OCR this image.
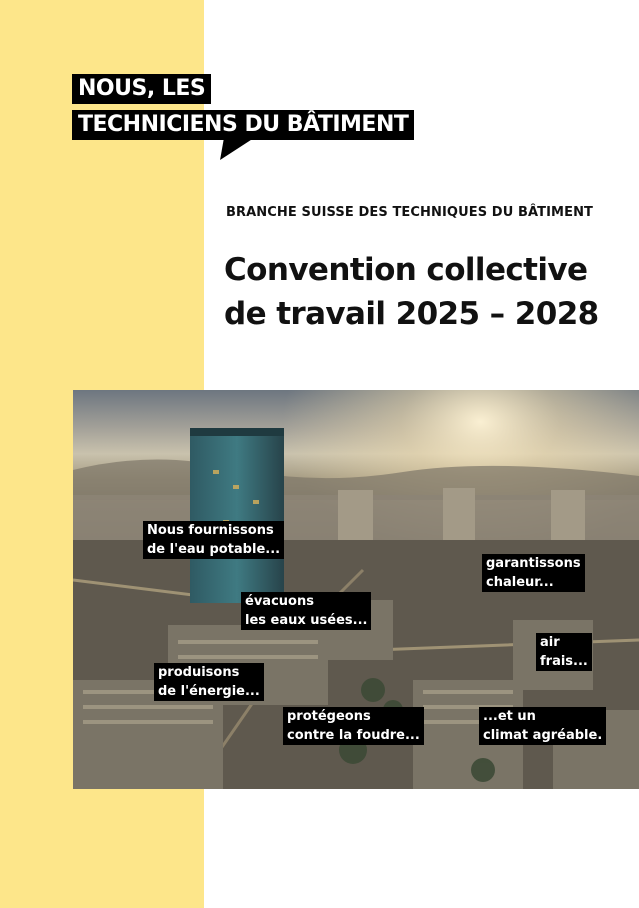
NOUS, LES
TECHNICIENS DU BÂTIMENT
BRANCHE SUISSE DES TECHNIQUES DU BÂTIMENT
Convention collective
de travail 2025 – 2028
Nous fournissons
de l'eau potable...
évacuons
les eaux usées...
garantissons
chaleur...
air
frais...
produisons
de l'énergie...
protégeons
contre la foudre...
...et un
climat agréable.
